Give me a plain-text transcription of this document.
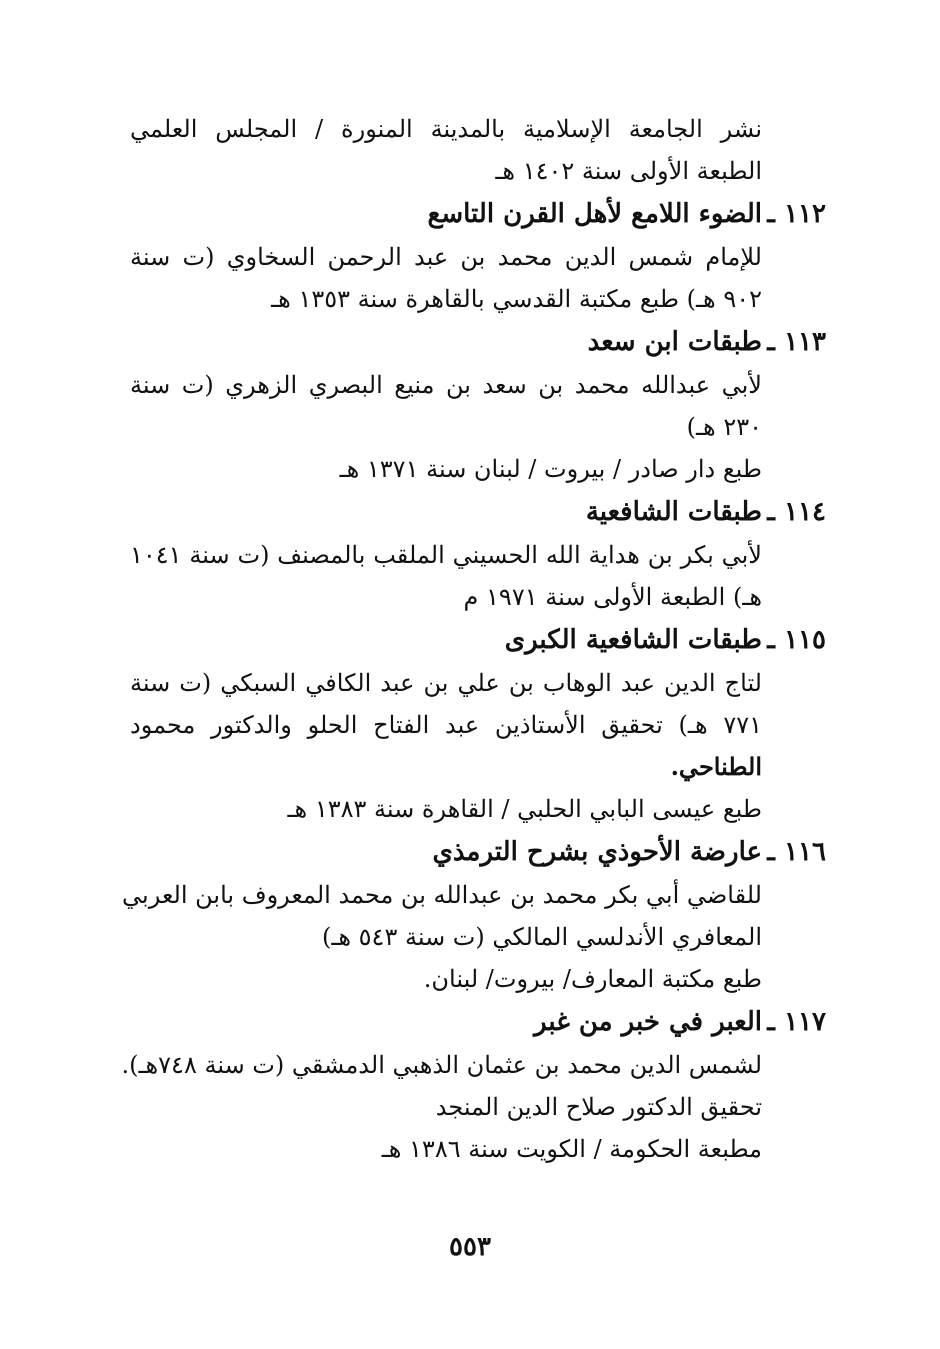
نشر الجامعة الإسلامية بالمدينة المنورة / المجلس العلمي
الطبعة الأولى سنة ١٤٠٢ هـ
١١٢
ـ
الضوء اللامع لأهل القرن التاسع
للإمام شمس الدين محمد بن عبد الرحمن السخاوي (ت سنة
٩٠٢ هـ) طبع مكتبة القدسي بالقاهرة سنة ١٣٥٣ هـ
١١٣
ـ
طبقات ابن سعد
لأبي عبدالله محمد بن سعد بن منيع البصري الزهري (ت سنة
٢٣٠ هـ)
طبع دار صادر / بيروت / لبنان سنة ١٣٧١ هـ
١١٤
ـ
طبقات الشافعية
لأبي بكر بن هداية الله الحسيني الملقب بالمصنف (ت سنة ١٠٤١
هـ) الطبعة الأولى سنة ١٩٧١ م
١١٥
ـ
طبقات الشافعية الكبرى
لتاج الدين عبد الوهاب بن علي بن عبد الكافي السبكي (ت سنة
٧٧١ هـ) تحقيق الأستاذين عبد الفتاح الحلو والدكتور محمود
الطناحي.
طبع عيسى البابي الحلبي / القاهرة سنة ١٣٨٣ هـ
١١٦
ـ
عارضة الأحوذي بشرح الترمذي
للقاضي أبي بكر محمد بن عبدالله بن محمد المعروف بابن العربي
المعافري الأندلسي المالكي (ت سنة ٥٤٣ هـ)
طبع مكتبة المعارف/ بيروت/ لبنان.
١١٧
ـ
العبر في خبر من غبر
لشمس الدين محمد بن عثمان الذهبي الدمشقي (ت سنة ٧٤٨هـ).
تحقيق الدكتور صلاح الدين المنجد
مطبعة الحكومة / الكويت سنة ١٣٨٦ هـ
٥٥٣
